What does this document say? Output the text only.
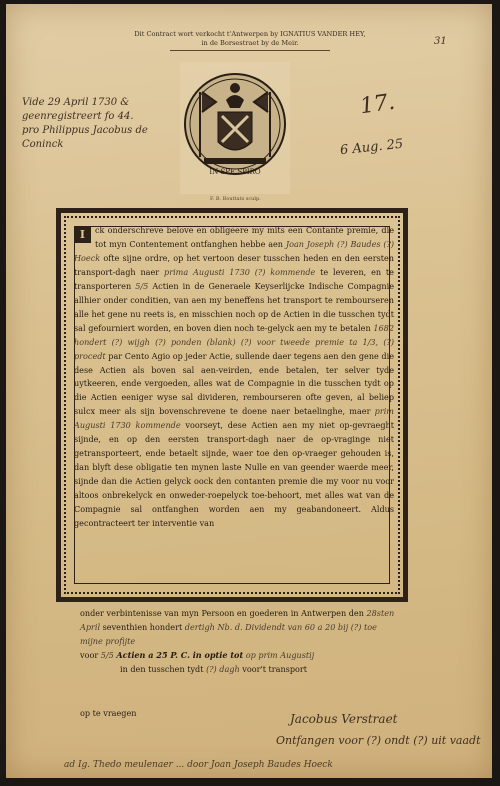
Dit Contract wort verkocht t'Antwerpen by IGNATIUS VANDER HEY,
in de Borsestraet by de Meir.	31
Vide 29 April 1730 &
geenregistreert fo 44.
pro Philippus Jacobus de Coninck
17.
6 Aug. 25
IN SPE SPIRO
F. B. Bouttats sculp.

I	ck onderschreve belove en obligeere my mits een Contante premie, die tot myn Contentement ontfanghen hebbe aen Joan Joseph (?) Baudes (?) Hoeck ofte sijne ordre, op het vertoon deser tusschen heden en den eersten transport-dagh naer prima Augusti 1730 (?) kommende te leveren, en te transporteren 5/5 Actien in de Generaele Keyserlijcke Indische Compagnie allhier onder conditien, van aen my beneffens het transport te rembourseren alle het gene nu reets is, en misschien noch op de Actien in die tusschen tydt sal gefourniert worden, en boven dien noch te-gelyck aen my te betalen 1682 hondert (?) wijgh (?) ponden (blank) (?) voor tweede premie ta 1/3, (?) procedt par Cento Agio op jeder Actie, sullende daer tegens aen den gene die dese Actien als boven sal aen-veirden, ende betalen, ter selver tyde uytkeeren, ende vergoeden, alles wat de Compagnie in die tusschen tydt op die Actien eeniger wyse sal divideren, rembourseren ofte geven, al beliep sulcx meer als sijn bovenschrevene te doene naer betaelinghe, maer prim Augusti 1730 kommende voorseyt, dese Actien aen my niet op-gevraeght sijnde, en op den eersten transport-dagh naer de op-vraginge niet getransporteert, ende betaelt sijnde, waer toe den op-vraeger gehouden is, dan blyft dese obligatie ten mynen laste Nulle en van geender waerde meer, sijnde dan die Actien gelyck oock den contanten premie die my voor nu voor altoos onbrekelyck en onweder-roepelyck toe-behoort, met alles wat van de Compagnie sal ontfanghen worden aen my geabandoneert. Aldus gecontracteert ter interventie van

onder verbintenisse van myn Persoon en goederen in Antwerpen den 28sten April seventhien hondert dertigh Nb. d. Dividendt van 60 a 20 bij (?) toe mijne profijte

voor 5/5 Actien a 25 P. C. in optie tot op prim Augustij

in den tusschen tydt (?) dagh voor't transport

op te vraegen	Jacobus Verstraet
Ontfangen voor (?) ondt (?) uit vaadt
ad Ig. Thedo meulenaer ... door Joan Joseph Baudes Hoeck
